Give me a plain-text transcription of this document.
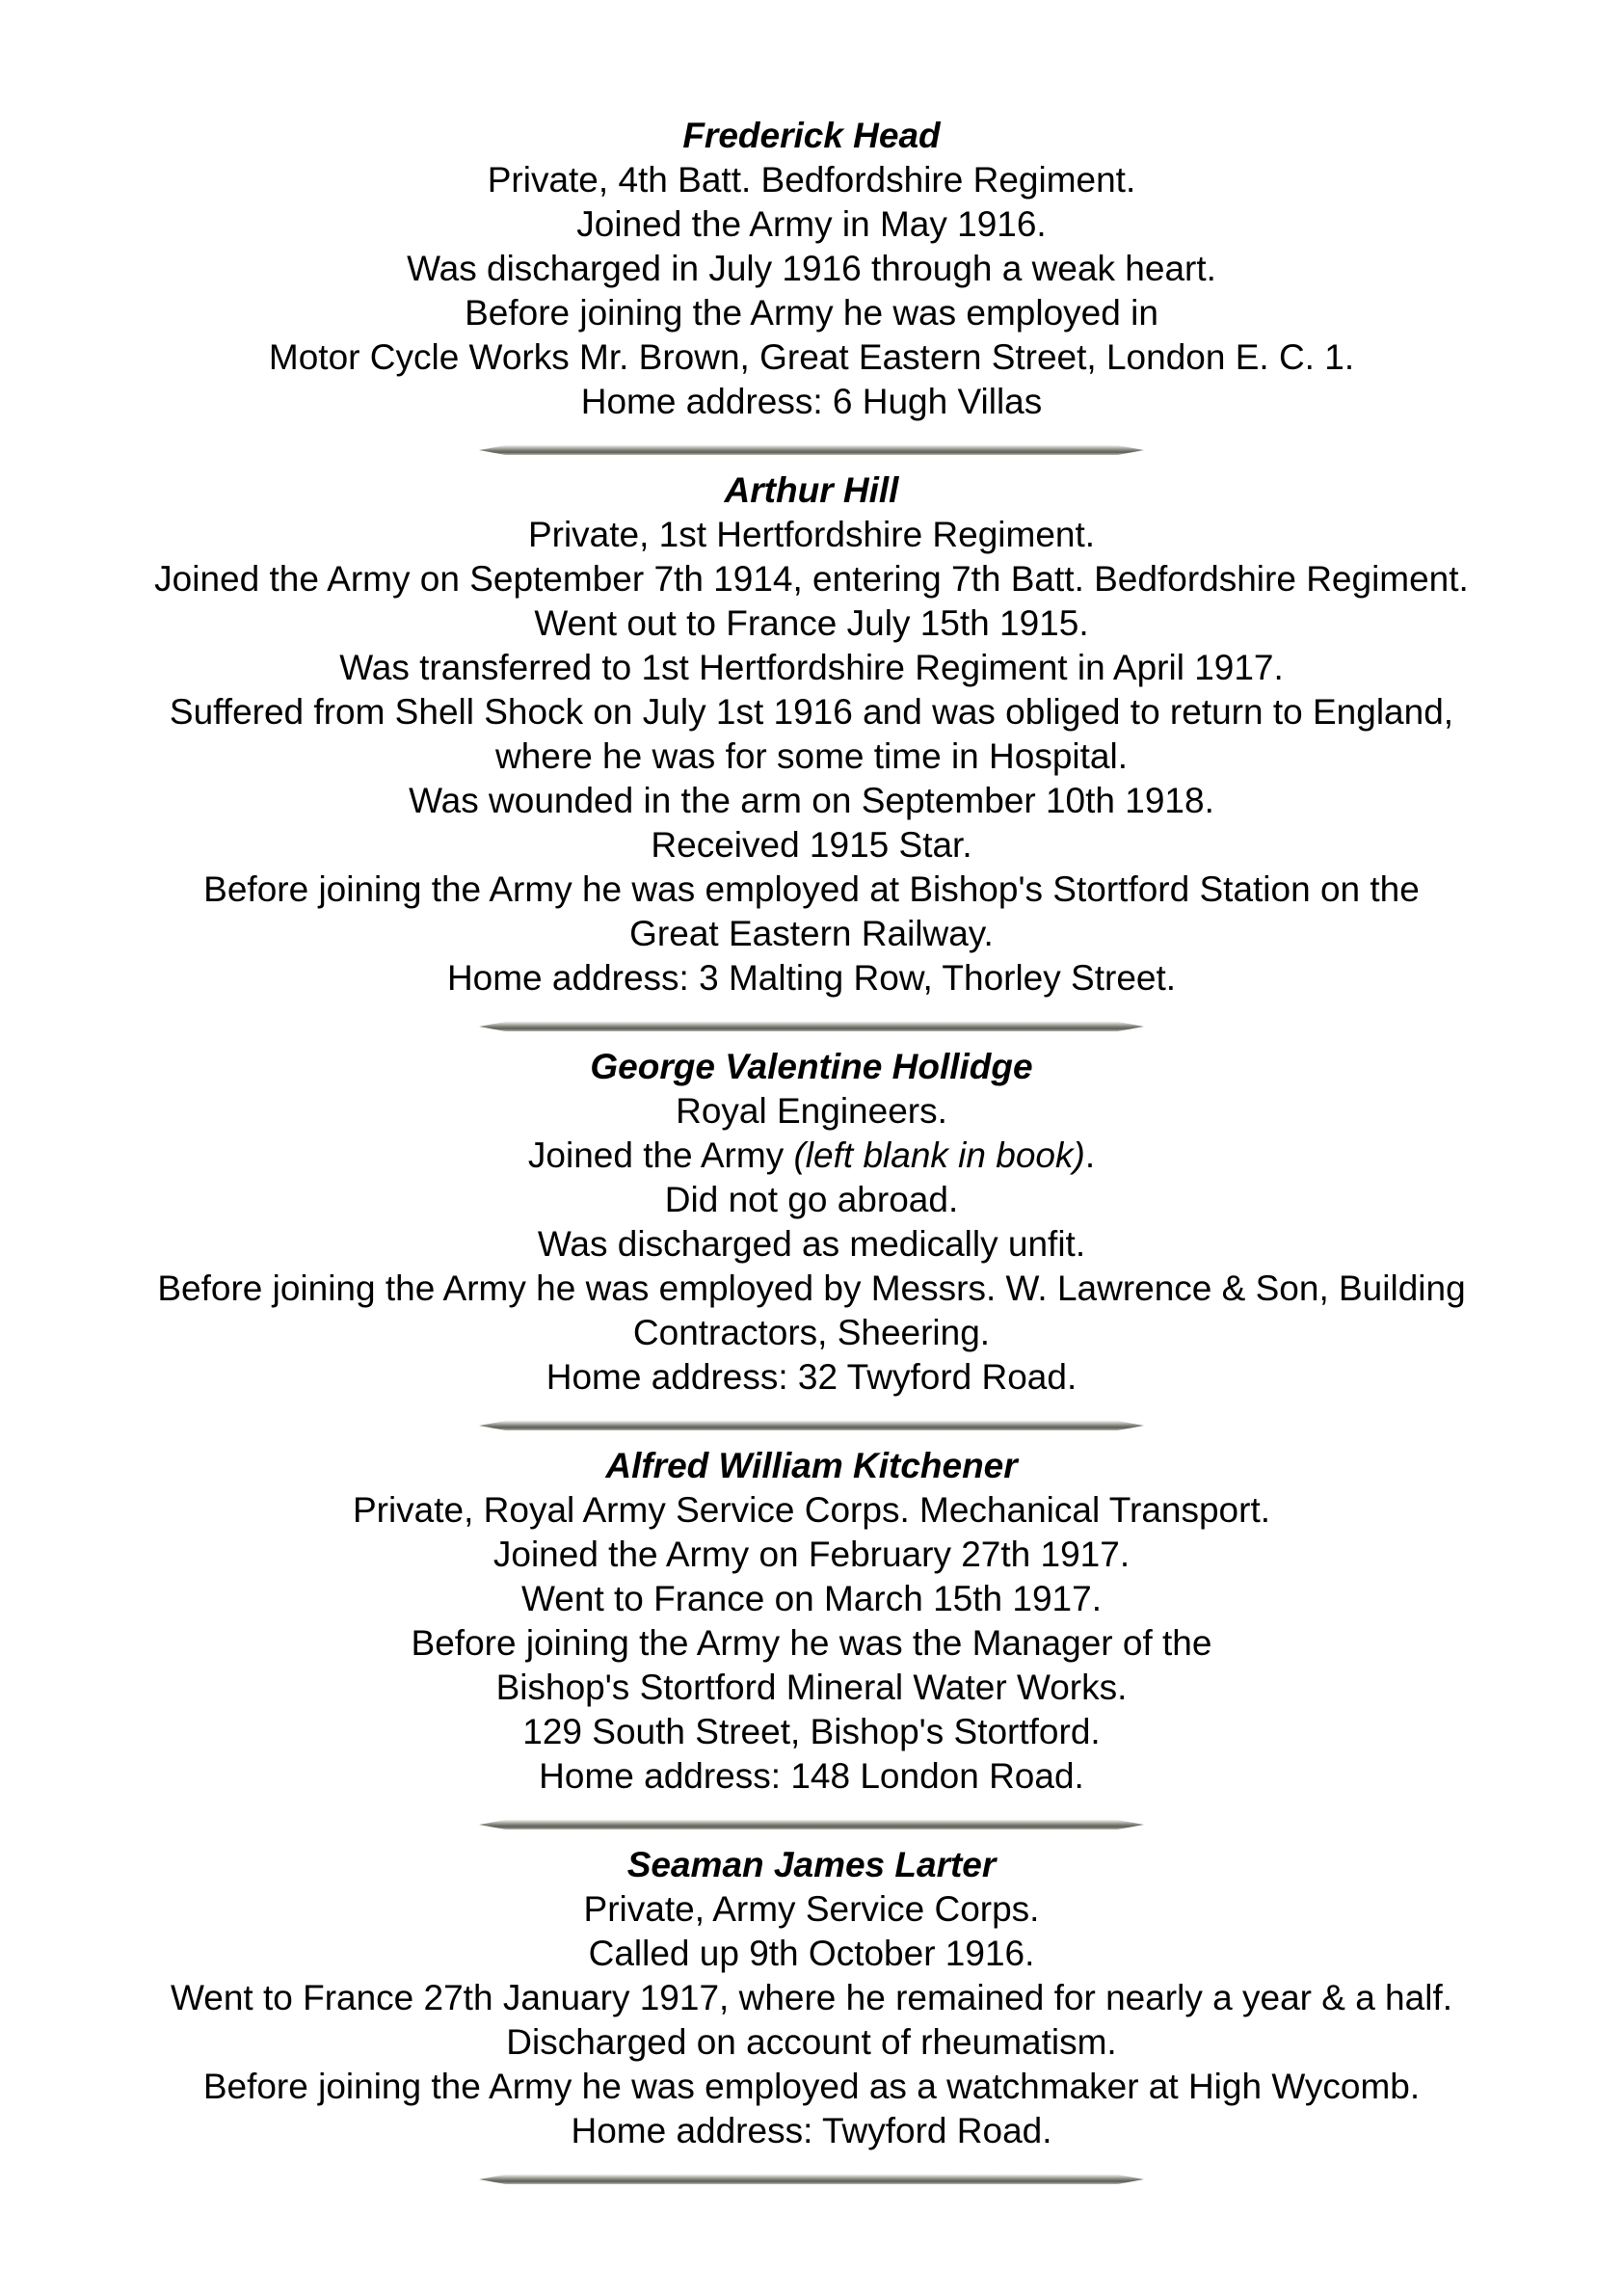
Frederick Head

Private, 4th Batt. Bedfordshire Regiment.

Joined the Army in May 1916.

Was discharged in July 1916 through a weak heart.

Before joining the Army he was employed in

Motor Cycle Works Mr. Brown, Great Eastern Street, London E. C. 1.

Home address: 6 Hugh Villas

Arthur Hill

Private, 1st Hertfordshire Regiment.

Joined the Army on September 7th 1914, entering 7th Batt. Bedfordshire Regiment.

Went out to France July 15th 1915.

Was transferred to 1st Hertfordshire Regiment in April 1917.

Suffered from Shell Shock on July 1st 1916 and was obliged to return to England,

where he was for some time in Hospital.

Was wounded in the arm on September 10th 1918.

Received 1915 Star.

Before joining the Army he was employed at Bishop's Stortford Station on the

Great Eastern Railway.

Home address: 3 Malting Row, Thorley Street.

George Valentine Hollidge

Royal Engineers.

Joined the Army (left blank in book).

Did not go abroad.

Was discharged as medically unfit.

Before joining the Army he was employed by Messrs. W. Lawrence & Son, Building

Contractors, Sheering.

Home address: 32 Twyford Road.

Alfred William Kitchener

Private, Royal Army Service Corps. Mechanical Transport.

Joined the Army on February 27th 1917.

Went to France on March 15th 1917.

Before joining the Army he was the Manager of the

Bishop's Stortford Mineral Water Works.

129 South Street, Bishop's Stortford.

Home address: 148 London Road.

Seaman James Larter

Private, Army Service Corps.

Called up 9th October 1916.

Went to France 27th January 1917, where he remained for nearly a year & a half.

Discharged on account of rheumatism.

Before joining the Army he was employed as a watchmaker at High Wycomb.

Home address: Twyford Road.
